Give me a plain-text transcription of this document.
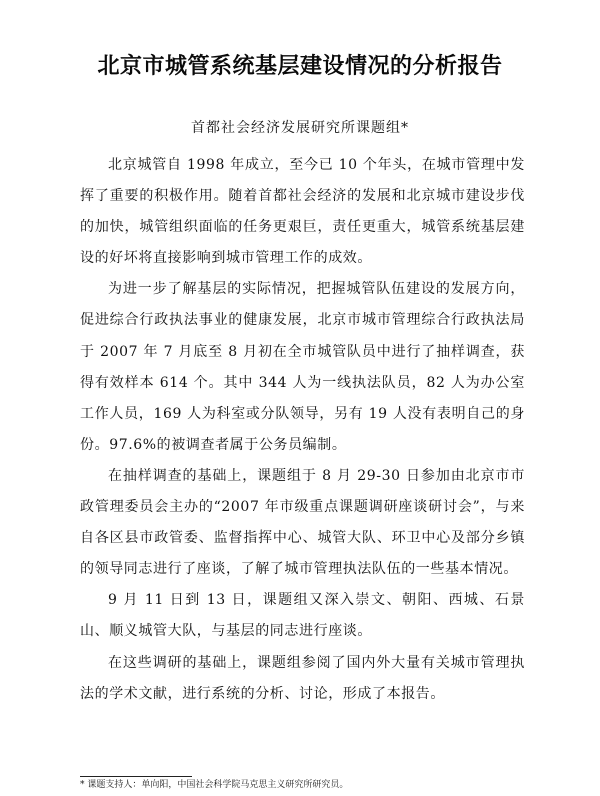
北京市城管系统基层建设情况的分析报告
首都社会经济发展研究所课题组*

北京城管自 1998 年成立，至今已 10 个年头，在城市管理中发挥了重要的积极作用。随着首都社会经济的发展和北京城市建设步伐的加快，城管组织面临的任务更艰巨，责任更重大，城管系统基层建设的好坏将直接影响到城市管理工作的成效。

为进一步了解基层的实际情况，把握城管队伍建设的发展方向，促进综合行政执法事业的健康发展，北京市城市管理综合行政执法局于 2007 年 7 月底至 8 月初在全市城管队员中进行了抽样调查，获得有效样本 614 个。其中 344 人为一线执法队员，82 人为办公室工作人员，169 人为科室或分队领导，另有 19 人没有表明自己的身份。97.6%的被调查者属于公务员编制。

在抽样调查的基础上，课题组于 8 月 29-30 日参加由北京市市政管理委员会主办的“2007 年市级重点课题调研座谈研讨会”，与来自各区县市政管委、监督指挥中心、城管大队、环卫中心及部分乡镇的领导同志进行了座谈，了解了城市管理执法队伍的一些基本情况。

9 月 11 日到 13 日，课题组又深入崇文、朝阳、西城、石景山、顺义城管大队，与基层的同志进行座谈。

在这些调研的基础上，课题组参阅了国内外大量有关城市管理执法的学术文献，进行系统的分析、讨论，形成了本报告。

* 课题支持人：单向阳，中国社会科学院马克思主义研究所研究员。
